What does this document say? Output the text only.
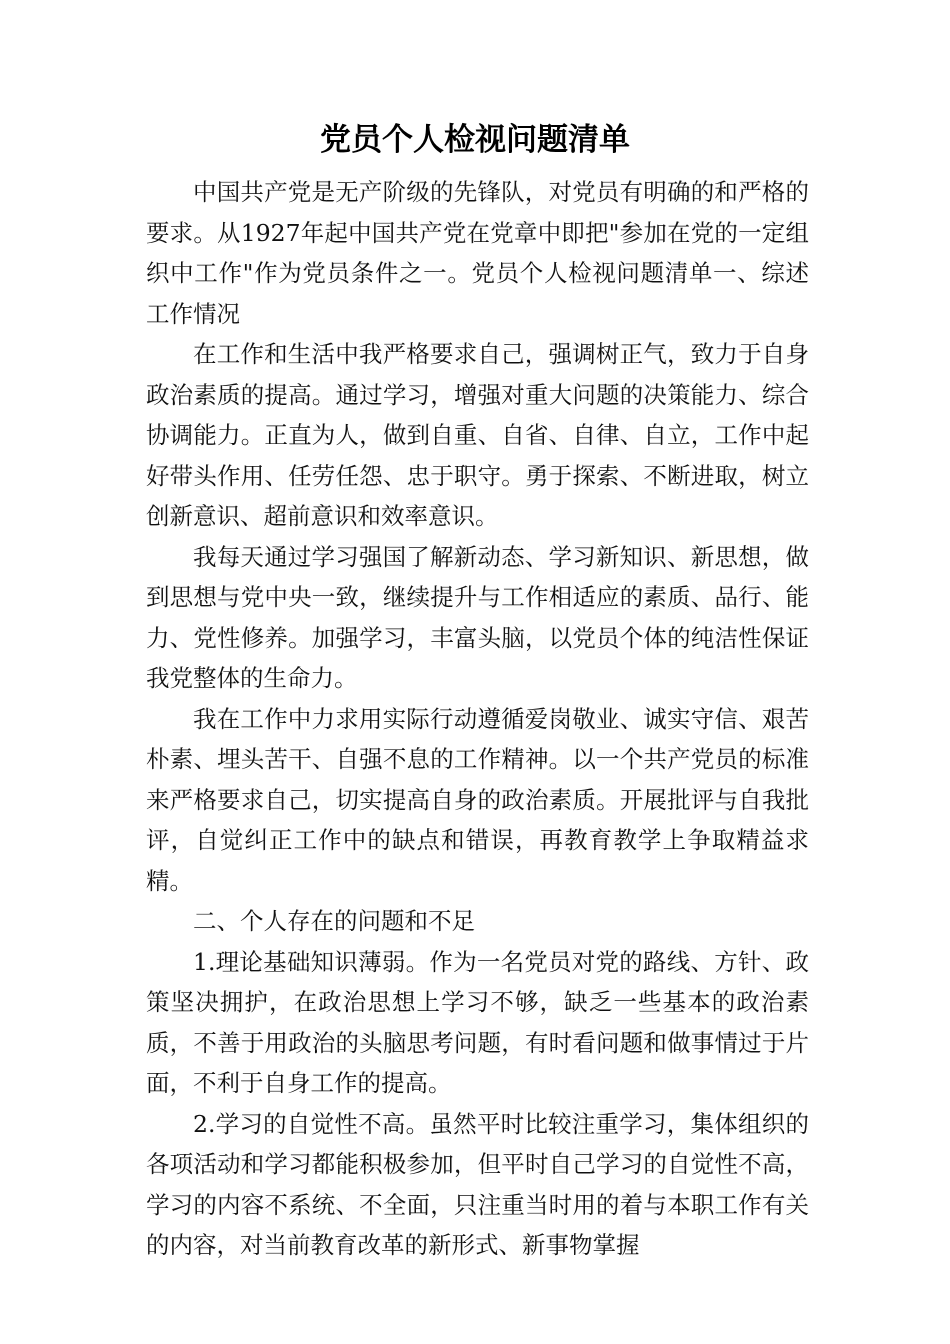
党员个人检视问题清单

中国共产党是无产阶级的先锋队，对党员有明确的和严格的要求。从1927年起中国共产党在党章中即把"参加在党的一定组织中工作"作为党员条件之一。党员个人检视问题清单一、综述工作情况

在工作和生活中我严格要求自己，强调树正气，致力于自身政治素质的提高。通过学习，增强对重大问题的决策能力、综合协调能力。正直为人，做到自重、自省、自律、自立，工作中起好带头作用、任劳任怨、忠于职守。勇于探索、不断进取，树立创新意识、超前意识和效率意识。

我每天通过学习强国了解新动态、学习新知识、新思想，做到思想与党中央一致，继续提升与工作相适应的素质、品行、能力、党性修养。加强学习，丰富头脑，以党员个体的纯洁性保证我党整体的生命力。

我在工作中力求用实际行动遵循爱岗敬业、诚实守信、艰苦朴素、埋头苦干、自强不息的工作精神。以一个共产党员的标准来严格要求自己，切实提高自身的政治素质。开展批评与自我批评，自觉纠正工作中的缺点和错误，再教育教学上争取精益求精。

二、个人存在的问题和不足

1.理论基础知识薄弱。作为一名党员对党的路线、方针、政策坚决拥护，在政治思想上学习不够，缺乏一些基本的政治素质，不善于用政治的头脑思考问题，有时看问题和做事情过于片面，不利于自身工作的提高。

2.学习的自觉性不高。虽然平时比较注重学习，集体组织的各项活动和学习都能积极参加，但平时自己学习的自觉性不高，学习的内容不系统、不全面，只注重当时用的着与本职工作有关的内容，对当前教育改革的新形式、新事物掌握
